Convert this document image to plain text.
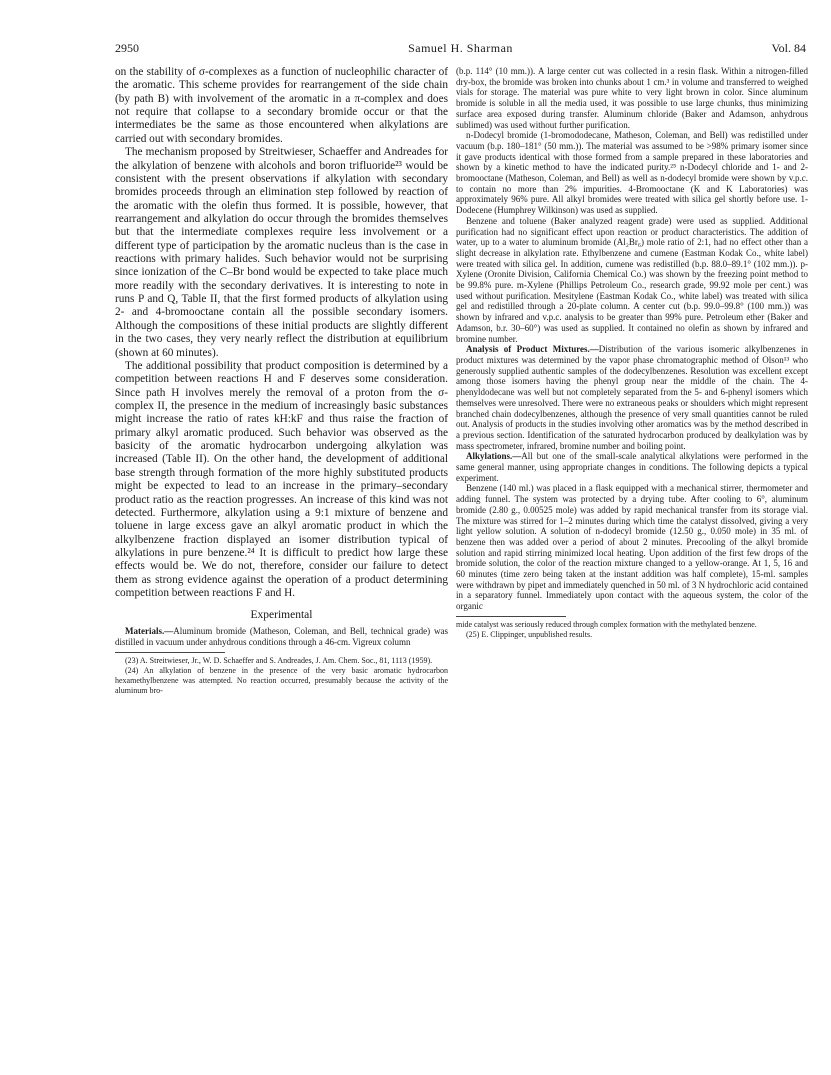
2950	Samuel H. Sharman	Vol. 84

on the stability of σ-complexes as a function of nucleophilic character of the aromatic. This scheme provides for rearrangement of the side chain (by path B) with involvement of the aromatic in a π-complex and does not require that collapse to a secondary bromide occur or that the intermediates be the same as those encountered when alkylations are carried out with secondary bromides.

The mechanism proposed by Streitwieser, Schaeffer and Andreades for the alkylation of benzene with alcohols and boron trifluoride²³ would be consistent with the present observations if alkylation with secondary bromides proceeds through an elimination step followed by reaction of the aromatic with the olefin thus formed. It is possible, however, that rearrangement and alkylation do occur through the bromides themselves but that the intermediate complexes require less involvement or a different type of participation by the aromatic nucleus than is the case in reactions with primary halides. Such behavior would not be surprising since ionization of the C–Br bond would be expected to take place much more readily with the secondary derivatives. It is interesting to note in runs P and Q, Table II, that the first formed products of alkylation using 2- and 4-bromooctane contain all the possible secondary isomers. Although the compositions of these initial products are slightly different in the two cases, they very nearly reflect the distribution at equilibrium (shown at 60 minutes).

The additional possibility that product composition is determined by a competition between reactions H and F deserves some consideration. Since path H involves merely the removal of a proton from the σ-complex II, the presence in the medium of increasingly basic substances might increase the ratio of rates kH:kF and thus raise the fraction of primary alkyl aromatic produced. Such behavior was observed as the basicity of the aromatic hydrocarbon undergoing alkylation was increased (Table II). On the other hand, the development of additional base strength through formation of the more highly substituted products might be expected to lead to an increase in the primary–secondary product ratio as the reaction progresses. An increase of this kind was not detected. Furthermore, alkylation using a 9:1 mixture of benzene and toluene in large excess gave an alkyl aromatic product in which the alkylbenzene fraction displayed an isomer distribution typical of alkylations in pure benzene.²⁴ It is difficult to predict how large these effects would be. We do not, therefore, consider our failure to detect them as strong evidence against the operation of a product determining competition between reactions F and H.

Experimental

Materials.—Aluminum bromide (Matheson, Coleman, and Bell, technical grade) was distilled in vacuum under anhydrous conditions through a 46-cm. Vigreux column

(23) A. Streitwieser, Jr., W. D. Schaeffer and S. Andreades, J. Am. Chem. Soc., 81, 1113 (1959).

(24) An alkylation of benzene in the presence of the very basic aromatic hydrocarbon hexamethylbenzene was attempted. No reaction occurred, presumably because the activity of the aluminum bro-

(b.p. 114° (10 mm.)). A large center cut was collected in a resin flask. Within a nitrogen-filled dry-box, the bromide was broken into chunks about 1 cm.³ in volume and transferred to weighed vials for storage. The material was pure white to very light brown in color. Since aluminum bromide is soluble in all the media used, it was possible to use large chunks, thus minimizing surface area exposed during transfer. Aluminum chloride (Baker and Adamson, anhydrous sublimed) was used without further purification.

n-Dodecyl bromide (1-bromododecane, Matheson, Coleman, and Bell) was redistilled under vacuum (b.p. 180–181° (50 mm.)). The material was assumed to be >98% primary isomer since it gave products identical with those formed from a sample prepared in these laboratories and shown by a kinetic method to have the indicated purity.²⁵ n-Dodecyl chloride and 1- and 2-bromooctane (Matheson, Coleman, and Bell) as well as n-dodecyl bromide were shown by v.p.c. to contain no more than 2% impurities. 4-Bromooctane (K and K Laboratories) was approximately 96% pure. All alkyl bromides were treated with silica gel shortly before use. 1-Dodecene (Humphrey Wilkinson) was used as supplied.

Benzene and toluene (Baker analyzed reagent grade) were used as supplied. Additional purification had no significant effect upon reaction or product characteristics. The addition of water, up to a water to aluminum bromide (Al₂Br₆) mole ratio of 2:1, had no effect other than a slight decrease in alkylation rate. Ethylbenzene and cumene (Eastman Kodak Co., white label) were treated with silica gel. In addition, cumene was redistilled (b.p. 88.0–89.1° (102 mm.)). p-Xylene (Oronite Division, California Chemical Co.) was shown by the freezing point method to be 99.8% pure. m-Xylene (Phillips Petroleum Co., research grade, 99.92 mole per cent.) was used without purification. Mesitylene (Eastman Kodak Co., white label) was treated with silica gel and redistilled through a 20-plate column. A center cut (b.p. 99.0–99.8° (100 mm.)) was shown by infrared and v.p.c. analysis to be greater than 99% pure. Petroleum ether (Baker and Adamson, b.r. 30–60°) was used as supplied. It contained no olefin as shown by infrared and bromine number.

Analysis of Product Mixtures.—Distribution of the various isomeric alkylbenzenes in product mixtures was determined by the vapor phase chromatographic method of Olson¹³ who generously supplied authentic samples of the dodecylbenzenes. Resolution was excellent except among those isomers having the phenyl group near the middle of the chain. The 4-phenyldodecane was well but not completely separated from the 5- and 6-phenyl isomers which themselves were unresolved. There were no extraneous peaks or shoulders which might represent branched chain dodecylbenzenes, although the presence of very small quantities cannot be ruled out. Analysis of products in the studies involving other aromatics was by the method described in a previous section. Identification of the saturated hydrocarbon produced by dealkylation was by mass spectrometer, infrared, bromine number and boiling point.

Alkylations.—All but one of the small-scale analytical alkylations were performed in the same general manner, using appropriate changes in conditions. The following depicts a typical experiment.

Benzene (140 ml.) was placed in a flask equipped with a mechanical stirrer, thermometer and adding funnel. The system was protected by a drying tube. After cooling to 6°, aluminum bromide (2.80 g., 0.00525 mole) was added by rapid mechanical transfer from its storage vial. The mixture was stirred for 1–2 minutes during which time the catalyst dissolved, giving a very light yellow solution. A solution of n-dodecyl bromide (12.50 g., 0.050 mole) in 35 ml. of benzene then was added over a period of about 2 minutes. Precooling of the alkyl bromide solution and rapid stirring minimized local heating. Upon addition of the first few drops of the bromide solution, the color of the reaction mixture changed to a yellow-orange. At 1, 5, 16 and 60 minutes (time zero being taken at the instant addition was half complete), 15-ml. samples were withdrawn by pipet and immediately quenched in 50 ml. of 3 N hydrochloric acid contained in a separatory funnel. Immediately upon contact with the aqueous system, the color of the organic

mide catalyst was seriously reduced through complex formation with the methylated benzene.

(25) E. Clippinger, unpublished results.
